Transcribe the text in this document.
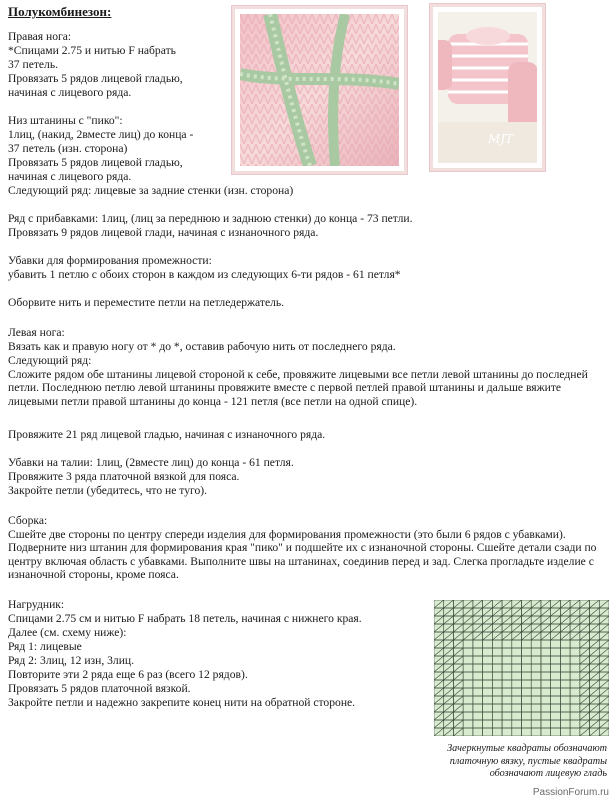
Полукомбинезон:
MJT
Правая нога:
*Спицами 2.75 и нитью F набрать
37 петель.
Провязать 5 рядов лицевой гладью,
начиная с лицевого ряда.
Низ штанины с "пико":
1лиц, (накид, 2вместе лиц) до конца -
37 петель (изн. сторона)
Провязать 5 рядов лицевой гладью,
начиная с лицевого ряда.
Следующий ряд: лицевые за задние стенки (изн. сторона)
Ряд с прибавками: 1лиц, (лиц за переднюю и заднюю стенки) до конца - 73 петли.
Провязать 9 рядов лицевой глади, начиная с изнаночного ряда.
Убавки для формирования промежности:
убавить 1 петлю с обоих сторон в каждом из следующих 6-ти рядов - 61 петля*
Оборвите нить и переместите петли на петледержатель.
Левая нога:
Вязать как и правую ногу от * до *, оставив рабочую нить от последнего ряда.
Следующий ряд:
Сложите рядом обе штанины лицевой стороной к себе, провяжите лицевыми все петли левой штанины до последней петли. Последнюю петлю левой штанины провяжите вместе с первой петлей правой штанины и дальше вяжите лицевыми петли правой штанины до конца - 121 петля (все петли на одной спице).
Провяжите 21 ряд лицевой гладью, начиная с изнаночного ряда.
Убавки на талии: 1лиц, (2вместе лиц) до конца - 61 петля.
Провяжите 3 ряда платочной вязкой для пояса.
Закройте петли (убедитесь, что не туго).
Сборка:
Сшейте две стороны по центру спереди изделия для формирования промежности (это были 6 рядов с убавками). Подверните низ штанин для формирования края "пико" и подшейте их с изнаночной стороны. Сшейте детали сзади по центру включая область с убавками. Выполните швы на штанинах, соединив перед и зад. Слегка прогладьте изделие с изнаночной стороны, кроме пояса.
Нагрудник:
Спицами 2.75 см и нитью F набрать 18 петель, начиная с нижнего края.
Далее (см. схему ниже):
Ряд 1: лицевые
Ряд 2: 3лиц, 12 изн, 3лиц.
Повторите эти 2 ряда еще 6 раз (всего 12 рядов).
Провязать 5 рядов платочной вязкой.
Закройте петли и надежно закрепите конец нити на обратной стороне.
Зачеркнутые квадраты обозначают платочную вязку, пустые квадраты обозначают лицевую гладь
PassionForum.ru
